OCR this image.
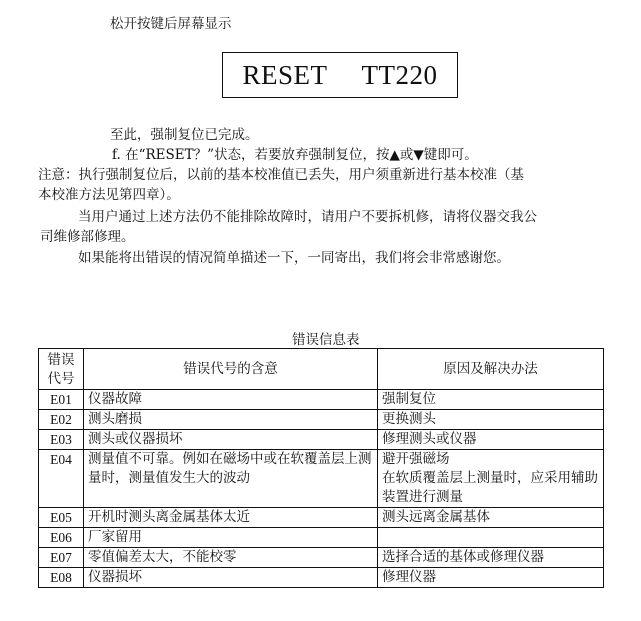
松开按键后屏幕显示
RESET TT220
至此，强制复位已完成。
f. 在“RESET？”状态，若要放弃强制复位，按▲或▼键即可。
注意：执行强制复位后，以前的基本校准值已丢失，用户须重新进行基本校准（基
本校准方法见第四章）。
当用户通过上述方法仍不能排除故障时，请用户不要拆机修，请将仪器交我公
司维修部修理。
如果能将出错误的情况简单描述一下，一同寄出，我们将会非常感谢您。
错误信息表
错误代号	错误代号的含意	原因及解决办法
E01	仪器故障	强制复位
E02	测头磨损	更换测头
E03	测头或仪器损坏	修理测头或仪器
E04	测量值不可靠。例如在磁场中或在软覆盖层上测量时，测量值发生大的波动	避开强磁场
在软质覆盖层上测量时，应采用辅助装置进行测量
E05	开机时测头离金属基体太近	测头远离金属基体
E06	厂家留用	
E07	零值偏差太大，不能校零	选择合适的基体或修理仪器
E08	仪器损坏	修理仪器
